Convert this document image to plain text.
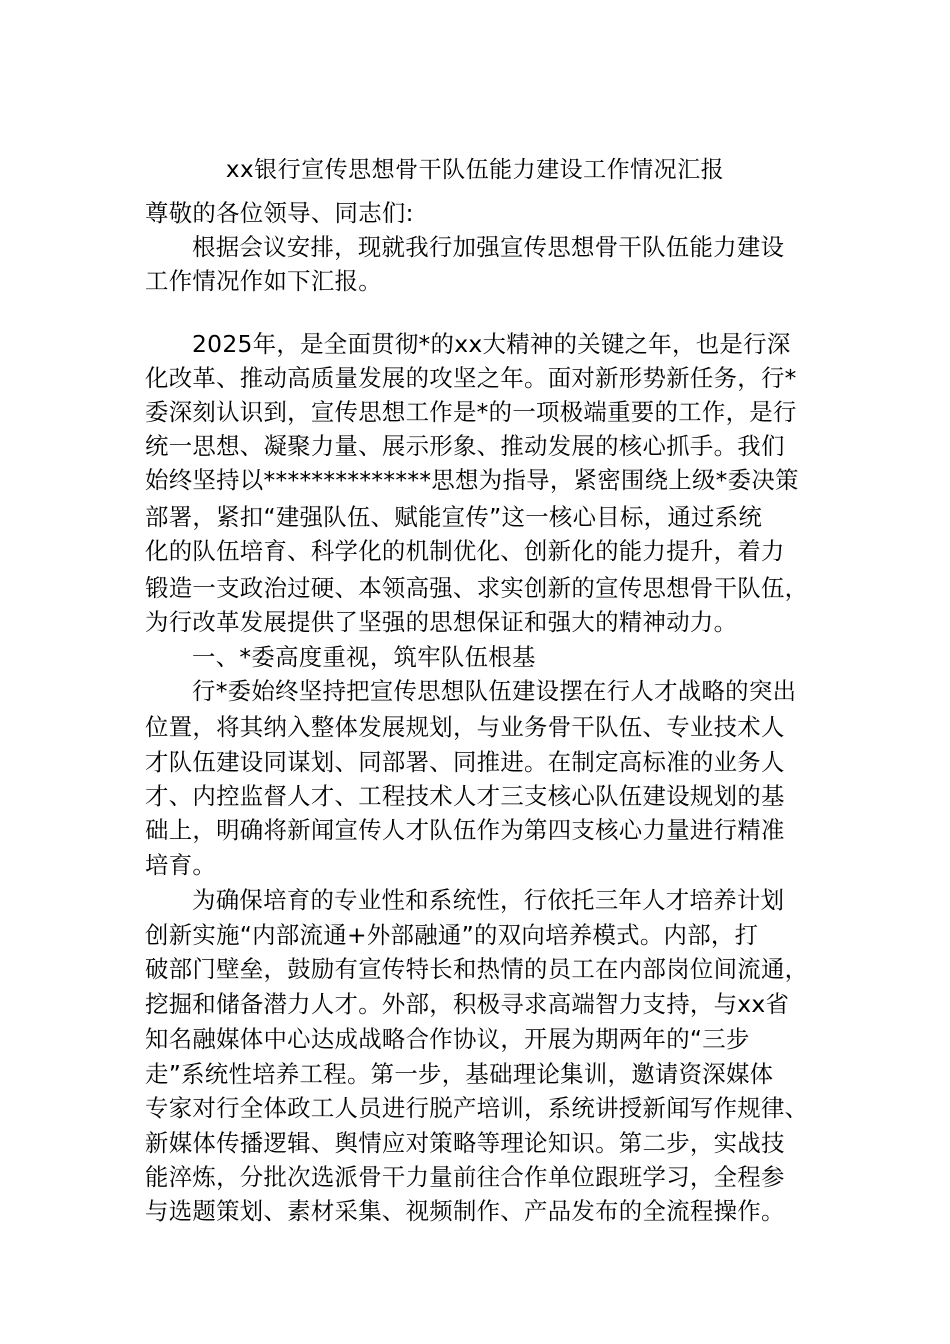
xx银行宣传思想骨干队伍能力建设工作情况汇报
尊敬的各位领导、同志们:
根据会议安排，现就我行加强宣传思想骨干队伍能力建设
工作情况作如下汇报。
2025年，是全面贯彻*的xx大精神的关键之年，也是行深
化改革、推动高质量发展的攻坚之年。面对新形势新任务，行*
委深刻认识到，宣传思想工作是*的一项极端重要的工作，是行
统一思想、凝聚力量、展示形象、推动发展的核心抓手。我们
始终坚持以**************思想为指导，紧密围绕上级*委决策
部署，紧扣“建强队伍、赋能宣传”这一核心目标，通过系统
化的队伍培育、科学化的机制优化、创新化的能力提升，着力
锻造一支政治过硬、本领高强、求实创新的宣传思想骨干队伍，
为行改革发展提供了坚强的思想保证和强大的精神动力。
一、*委高度重视，筑牢队伍根基
行*委始终坚持把宣传思想队伍建设摆在行人才战略的突出
位置，将其纳入整体发展规划，与业务骨干队伍、专业技术人
才队伍建设同谋划、同部署、同推进。在制定高标准的业务人
才、内控监督人才、工程技术人才三支核心队伍建设规划的基
础上，明确将新闻宣传人才队伍作为第四支核心力量进行精准
培育。
为确保培育的专业性和系统性，行依托三年人才培养计划
创新实施“内部流通+外部融通”的双向培养模式。内部，打
破部门壁垒，鼓励有宣传特长和热情的员工在内部岗位间流通，
挖掘和储备潜力人才。外部，积极寻求高端智力支持，与xx省
知名融媒体中心达成战略合作协议，开展为期两年的“三步
走”系统性培养工程。第一步，基础理论集训，邀请资深媒体
专家对行全体政工人员进行脱产培训，系统讲授新闻写作规律、
新媒体传播逻辑、舆情应对策略等理论知识。第二步，实战技
能淬炼，分批次选派骨干力量前往合作单位跟班学习，全程参
与选题策划、素材采集、视频制作、产品发布的全流程操作。
